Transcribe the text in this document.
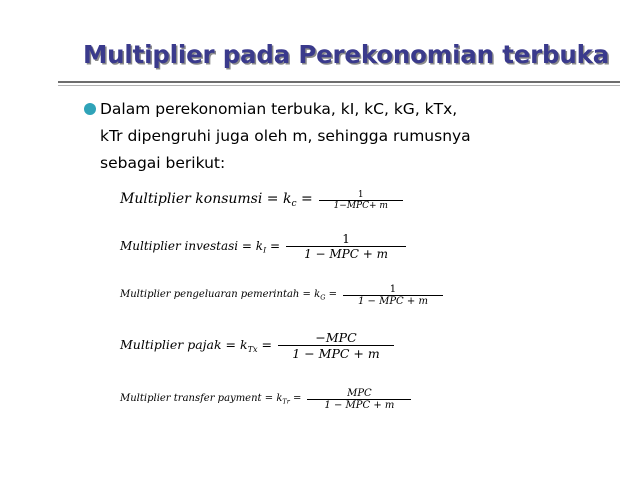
Multiplier pada Perekonomian terbuka
Dalam perekonomian terbuka, kI, kC, kG, kTx,
kTr dipengruhi juga oleh m, sehingga rumusnya
sebagai berikut:
Multiplier konsumsi = $k_c = \frac{1}{\text{1−MPC+ m}}$
Multiplier investasi = $k_I = \frac{1}{\text{1 − MPC + m}}$
Multiplier pengeluaran pemerintah = $k_G = \frac{1}{\text{1 − MPC + m}}$
Multiplier pajak = $k_{Tx} = \frac{\text{−MPC}}{\text{1 − MPC + m}}$
Multiplier transfer payment = $k_{Tr} = \frac{\text{MPC}}{\text{1 − MPC + m}}$
